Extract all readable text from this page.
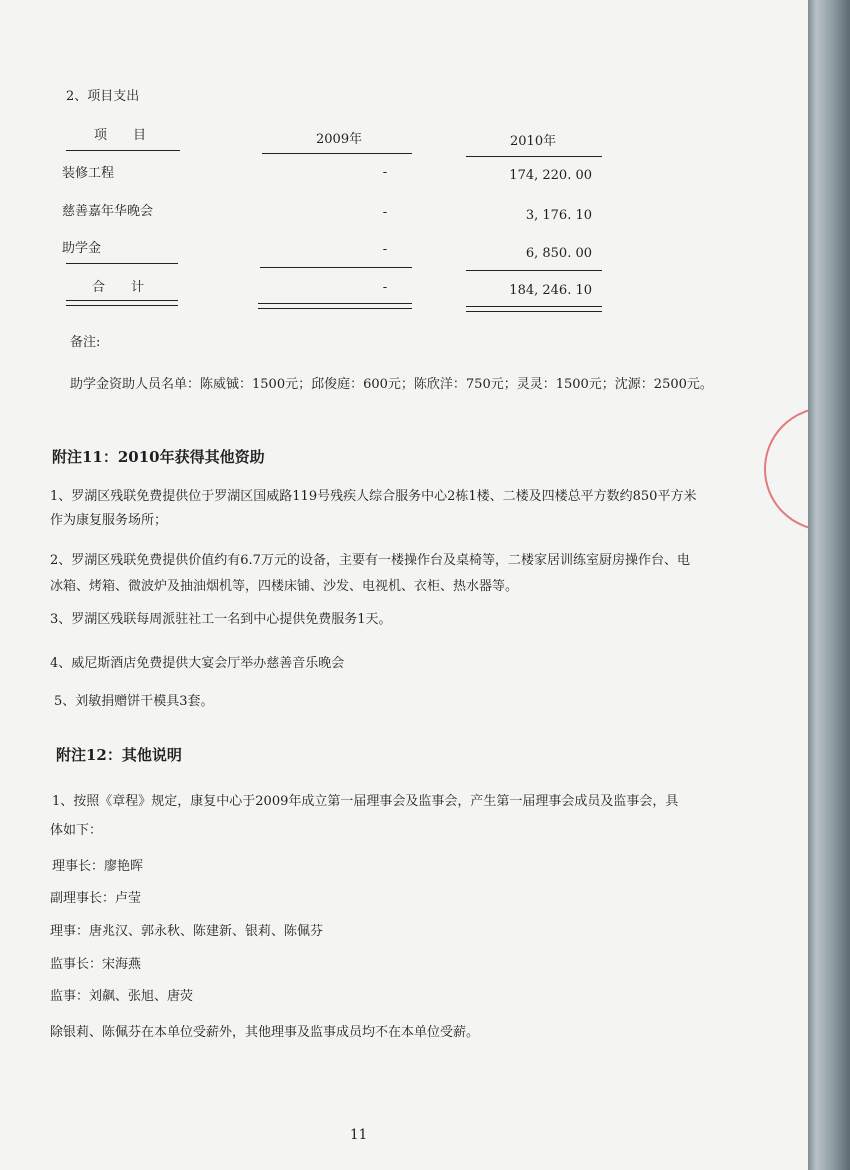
2、项目支出
项　　目	2009年	2010年
装修工程	-	174, 220. 00
慈善嘉年华晚会	-	3, 176. 10
助学金	-	6, 850. 00
合　　计	-	184, 246. 10
备注:
助学金资助人员名单：陈威铖：1500元；邱俊庭：600元；陈欣洋：750元；灵灵：1500元；沈源：2500元。
附注11：2010年获得其他资助
1、罗湖区残联免费提供位于罗湖区国威路119号残疾人综合服务中心2栋1楼、二楼及四楼总平方数约850平方米
作为康复服务场所；
2、罗湖区残联免费提供价值约有6.7万元的设备，主要有一楼操作台及桌椅等，二楼家居训练室厨房操作台、电
冰箱、烤箱、微波炉及抽油烟机等，四楼床铺、沙发、电视机、衣柜、热水器等。
3、罗湖区残联每周派驻社工一名到中心提供免费服务1天。
4、威尼斯酒店免费提供大宴会厅举办慈善音乐晚会
5、刘敏捐赠饼干模具3套。
附注12：其他说明
1、按照《章程》规定，康复中心于2009年成立第一届理事会及监事会，产生第一届理事会成员及监事会，具
体如下：
理事长：廖艳晖
副理事长：卢莹
理事：唐兆汉、郭永秋、陈建新、银莉、陈佩芬
监事长：宋海燕
监事：刘飙、张旭、唐荧
除银莉、陈佩芬在本单位受薪外，其他理事及监事成员均不在本单位受薪。
11
